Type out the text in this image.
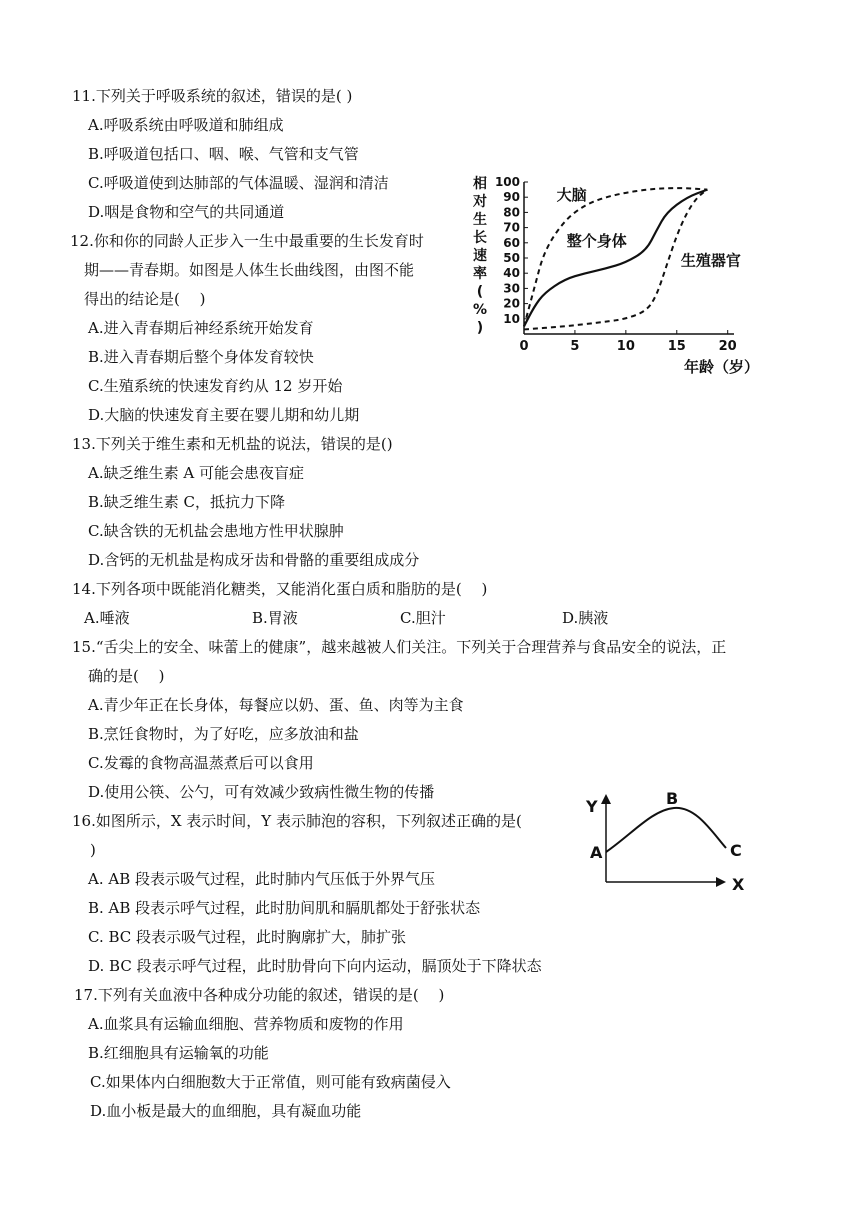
11.下列关于呼吸系统的叙述，错误的是( )
A.呼吸系统由呼吸道和肺组成
B.呼吸道包括口、咽、喉、气管和支气管
C.呼吸道使到达肺部的气体温暖、湿润和清洁
D.咽是食物和空气的共同通道
12.你和你的同龄人正步入一生中最重要的生长发育时
期——青春期。如图是人体生长曲线图，由图不能
得出的结论是(　 )
A.进入青春期后神经系统开始发育
B.进入青春期后整个身体发育较快
C.生殖系统的快速发育约从 12 岁开始
D.大脑的快速发育主要在婴儿期和幼儿期
相
对
生
长
速
率
(
%
)
10
20
30
40
50
60
70
80
90
100
0	5	10	15	20
大脑
整个身体
生殖器官
年龄（岁）
13.下列关于维生素和无机盐的说法，错误的是()
A.缺乏维生素 A 可能会患夜盲症
B.缺乏维生素 C，抵抗力下降
C.缺含铁的无机盐会患地方性甲状腺肿
D.含钙的无机盐是构成牙齿和骨骼的重要组成成分
14.下列各项中既能消化糖类，又能消化蛋白质和脂肪的是(　 )
A.唾液	B.胃液	C.胆汁	D.胰液
15.“舌尖上的安全、味蕾上的健康”，越来越被人们关注。下列关于合理营养与食品安全的说法，正
确的是(　 )
A.青少年正在长身体，每餐应以奶、蛋、鱼、肉等为主食
B.烹饪食物时，为了好吃，应多放油和盐
C.发霉的食物高温蒸煮后可以食用
D.使用公筷、公勺，可有效减少致病性微生物的传播
16.如图所示，X 表示时间，Y 表示肺泡的容积，下列叙述正确的是(
)
A. AB 段表示吸气过程，此时肺内气压低于外界气压
B. AB 段表示呼气过程，此时肋间肌和膈肌都处于舒张状态
C. BC 段表示吸气过程，此时胸廓扩大，肺扩张
D. BC 段表示呼气过程，此时肋骨向下向内运动，膈顶处于下降状态
Y
X
A
B
C
17.下列有关血液中各种成分功能的叙述，错误的是(　 )
A.血浆具有运输血细胞、营养物质和废物的作用
B.红细胞具有运输氧的功能
C.如果体内白细胞数大于正常值，则可能有致病菌侵入
D.血小板是最大的血细胞，具有凝血功能
